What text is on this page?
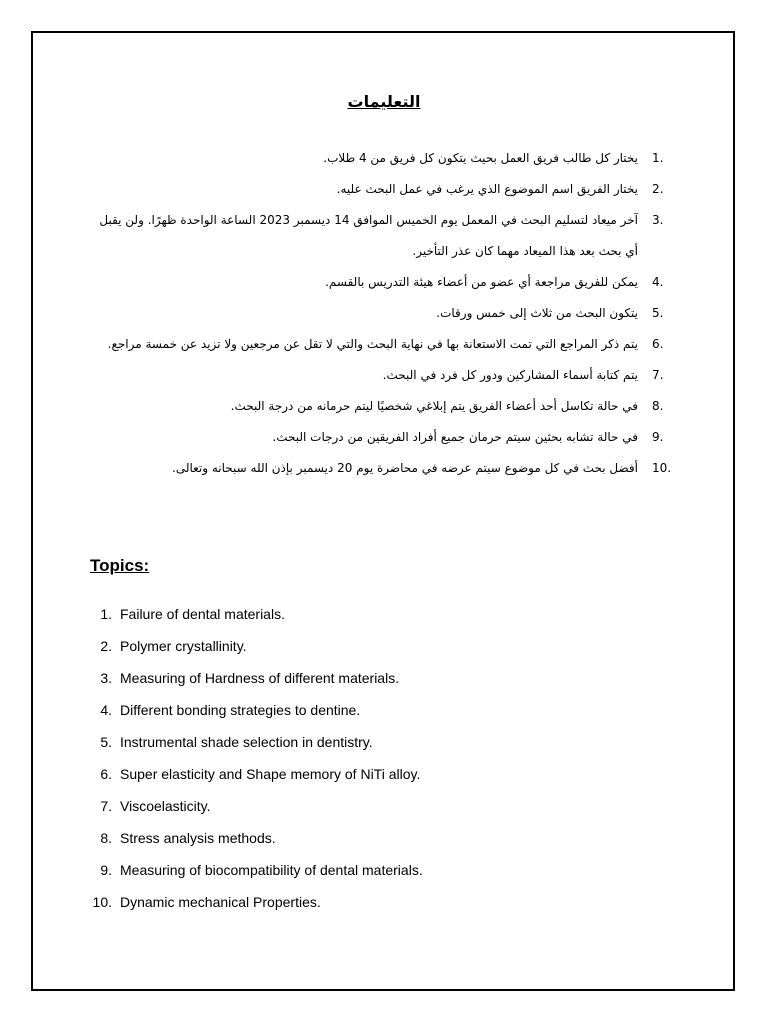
التعليمات
1.
يختار كل طالب فريق العمل بحيث يتكون كل فريق من 4 طلاب.
2.
يختار الفريق اسم الموضوع الذي يرغب في عمل البحث عليه.
3.
آخر ميعاد لتسليم البحث في المعمل يوم الخميس الموافق 14 ديسمبر 2023 الساعة الواحدة ظهرًا. ولن يقبل أي بحث بعد هذا الميعاد مهما كان عذر التأخير.
4.
يمكن للفريق مراجعة أي عضو من أعضاء هيئة التدريس بالقسم.
5.
يتكون البحث من ثلاث إلى خمس ورقات.
6.
يتم ذكر المراجع التي تمت الاستعانة بها في نهاية البحث والتي لا تقل عن مرجعين ولا تزيد عن خمسة مراجع.
7.
يتم كتابة أسماء المشاركين ودور كل فرد في البحث.
8.
في حالة تكاسل أحد أعضاء الفريق يتم إبلاغي شخصيًا ليتم حرمانه من درجة البحث.
9.
في حالة تشابه بحثين سيتم حرمان جميع أفراد الفريقين من درجات البحث.
10.
أفضل بحث في كل موضوع سيتم عرضه في محاضرة يوم 20 ديسمبر بإذن الله سبحانه وتعالى.
Topics:
1. Failure of dental materials.
2. Polymer crystallinity.
3. Measuring of Hardness of different materials.
4. Different bonding strategies to dentine.
5. Instrumental shade selection in dentistry.
6. Super elasticity and Shape memory of NiTi alloy.
7. Viscoelasticity.
8. Stress analysis methods.
9. Measuring of biocompatibility of dental materials.
10. Dynamic mechanical Properties.
